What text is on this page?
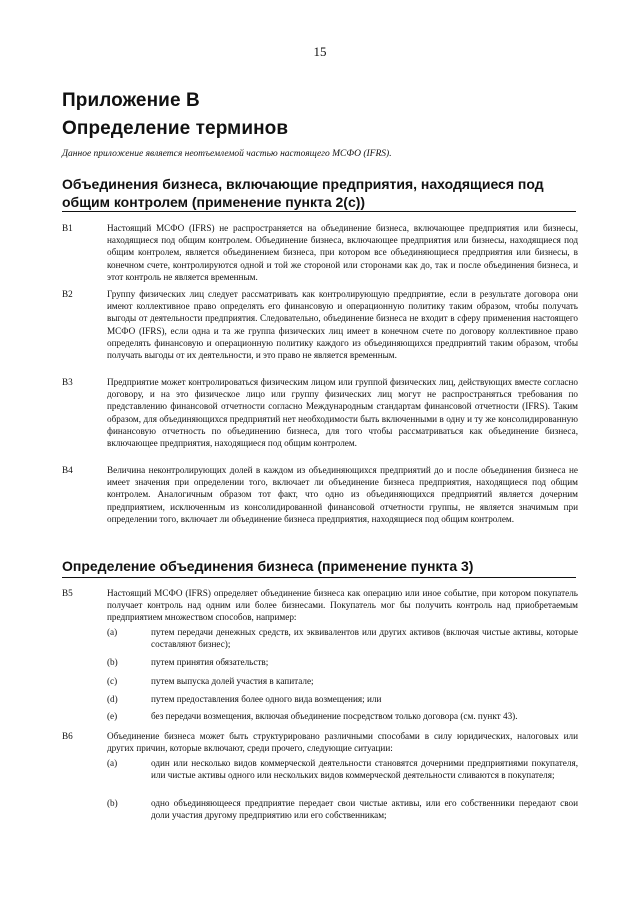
15
Приложение В
Определение терминов
Данное приложение является неотъемлемой частью настоящего МСФО (IFRS).
Объединения бизнеса, включающие предприятия, находящиеся под общим контролем (применение пункта 2(c))
B1	Настоящий МСФО (IFRS) не распространяется на объединение бизнеса, включающее предприятия или бизнесы, находящиеся под общим контролем. Объединение бизнеса, включающее предприятия или бизнесы, находящиеся под общим контролем, является объединением бизнеса, при котором все объединяющиеся предприятия или бизнесы, в конечном счете, контролируются одной и той же стороной или сторонами как до, так и после объединения бизнеса, и этот контроль не является временным.
B2	Группу физических лиц следует рассматривать как контролирующую предприятие, если в результате договора они имеют коллективное право определять его финансовую и операционную политику таким образом, чтобы получать выгоды от деятельности предприятия. Следовательно, объединение бизнеса не входит в сферу применения настоящего МСФО (IFRS), если одна и та же группа физических лиц имеет в конечном счете по договору коллективное право определять финансовую и операционную политику каждого из объединяющихся предприятий таким образом, чтобы получать выгоды от их деятельности, и это право не является временным.
B3	Предприятие может контролироваться физическим лицом или группой физических лиц, действующих вместе согласно договору, и на это физическое лицо или группу физических лиц могут не распространяться требования по представлению финансовой отчетности согласно Международным стандартам финансовой отчетности (IFRS). Таким образом, для объединяющихся предприятий нет необходимости быть включенными в одну и ту же консолидированную финансовую отчетность по объединению бизнеса, для того чтобы рассматриваться как объединение бизнеса, включающее предприятия, находящиеся под общим контролем.
B4	Величина неконтролирующих долей в каждом из объединяющихся предприятий до и после объединения бизнеса не имеет значения при определении того, включает ли объединение бизнеса предприятия, находящиеся под общим контролем. Аналогичным образом тот факт, что одно из объединяющихся предприятий является дочерним предприятием, исключенным из консолидированной финансовой отчетности группы, не является значимым при определении того, включает ли объединение бизнеса предприятия, находящиеся под общим контролем.
Определение объединения бизнеса (применение пункта 3)
B5	Настоящий МСФО (IFRS) определяет объединение бизнеса как операцию или иное событие, при котором покупатель получает контроль над одним или более бизнесами. Покупатель мог бы получить контроль над приобретаемым предприятием множеством способов, например:
(a)	путем передачи денежных средств, их эквивалентов или других активов (включая чистые активы, которые составляют бизнес);
(b)	путем принятия обязательств;
(c)	путем выпуска долей участия в капитале;
(d)	путем предоставления более одного вида возмещения; или
(e)	без передачи возмещения, включая объединение посредством только договора (см. пункт 43).
B6	Объединение бизнеса может быть структурировано различными способами в силу юридических, налоговых или других причин, которые включают, среди прочего, следующие ситуации:
(a)	один или несколько видов коммерческой деятельности становятся дочерними предприятиями покупателя, или чистые активы одного или нескольких видов коммерческой деятельности сливаются в покупателя;
(b)	одно объединяющееся предприятие передает свои чистые активы, или его собственники передают свои доли участия другому предприятию или его собственникам;
